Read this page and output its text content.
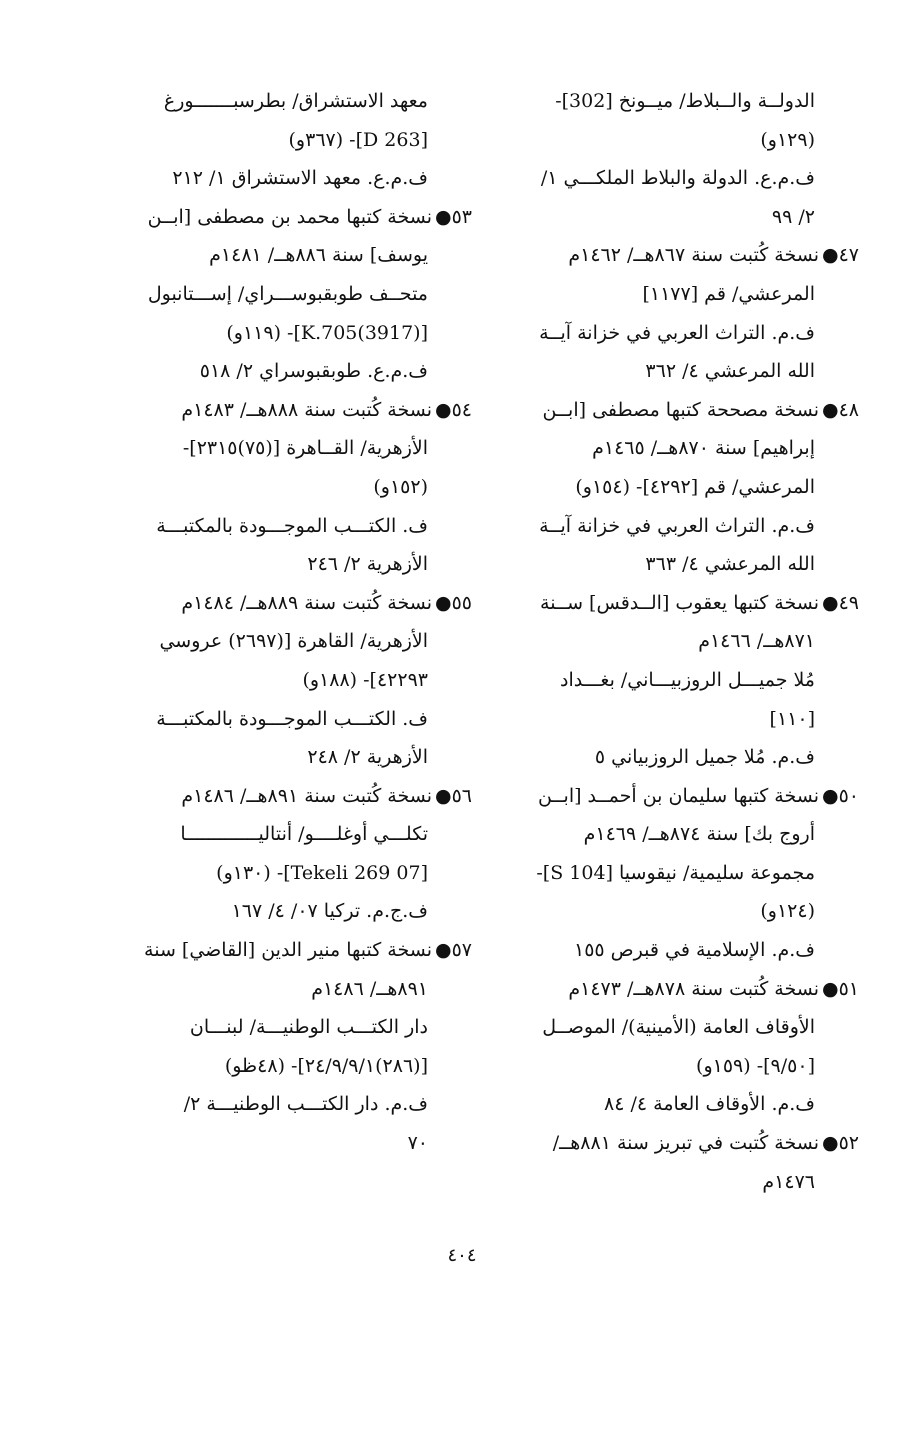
الدولــة والــبلاط/ ميــونخ [302]-
(١٢٩و)
ف.م.ع. الدولة والبلاط الملكـــي ١/
٢/ ٩٩
٤٧●نسخة كُتبت سنة ٨٦٧هــ/ ١٤٦٢م
المرعشي/ قم [١١٧٧]
ف.م. التراث العربي في خزانة آيــة
الله المرعشي ٤/ ٣٦٢
٤٨●نسخة مصححة كتبها مصطفى [ابــن
إبراهيم] سنة ٨٧٠هــ/ ١٤٦٥م
المرعشي/ قم [٤٢٩٢]- (١٥٤و)
ف.م. التراث العربي في خزانة آيــة
الله المرعشي ٤/ ٣٦٣
٤٩●نسخة كتبها يعقوب [الــدقس] ســنة
٨٧١هــ/ ١٤٦٦م
مُلا جميـــل الروزبيـــاني/ بغـــداد
[١١٠]
ف.م. مُلا جميل الروزبياني ٥
٥٠●نسخة كتبها سليمان بن أحمــد [ابــن
أروج بك] سنة ٨٧٤هــ/ ١٤٦٩م
مجموعة سليمية/ نيقوسيا [S 104]-
(١٢٤و)
ف.م. الإسلامية في قبرص ١٥٥
٥١●نسخة كُتبت سنة ٨٧٨هــ/ ١٤٧٣م
الأوقاف العامة (الأمينية)/ الموصــل
[٩/٥٠]- (١٥٩و)
ف.م. الأوقاف العامة ٤/ ٨٤
٥٢●نسخة كُتبت في تبريز سنة ٨٨١هــ/
١٤٧٦م
معهد الاستشراق/ بطرسبـــــــورغ
[D 263]- (٣٦٧و)
ف.م.ع. معهد الاستشراق ١/ ٢١٢
٥٣●نسخة كتبها محمد بن مصطفى [ابــن
يوسف] سنة ٨٨٦هــ/ ١٤٨١م
متحــف طوبقبوســـراي/ إســـتانبول
[(3917)K.705]- (١١٩و)
ف.م.ع. طوبقبوسراي ٢/ ٥١٨
٥٤●نسخة كُتبت سنة ٨٨٨هــ/ ١٤٨٣م
الأزهرية/ القــاهرة [(٧٥)٢٣١٥]-
(١٥٢و)
ف. الكتـــب الموجـــودة بالمكتبـــة
الأزهرية ٢/ ٢٤٦
٥٥●نسخة كُتبت سنة ٨٨٩هــ/ ١٤٨٤م
الأزهرية/ القاهرة [(٢٦٩٧) عروسي
٤٢٢٩٣]- (١٨٨و)
ف. الكتـــب الموجـــودة بالمكتبـــة
الأزهرية ٢/ ٢٤٨
٥٦●نسخة كُتبت سنة ٨٩١هــ/ ١٤٨٦م
تكلـــي أوغلــــو/ أنتاليـــــــــــــا
[07 Tekeli 269]- (١٣٠و)
ف.ج.م. تركيا ٠٧/ ٤/ ١٦٧
٥٧●نسخة كتبها منير الدين [القاضي] سنة
٨٩١هــ/ ١٤٨٦م
دار الكتـــب الوطنيـــة/ لبنـــان
[(٢٨٦)٢٤/٩/٩/١]- (٤٨ظو)
ف.م. دار الكتـــب الوطنيـــة ٢/
٧٠
٤٠٤
